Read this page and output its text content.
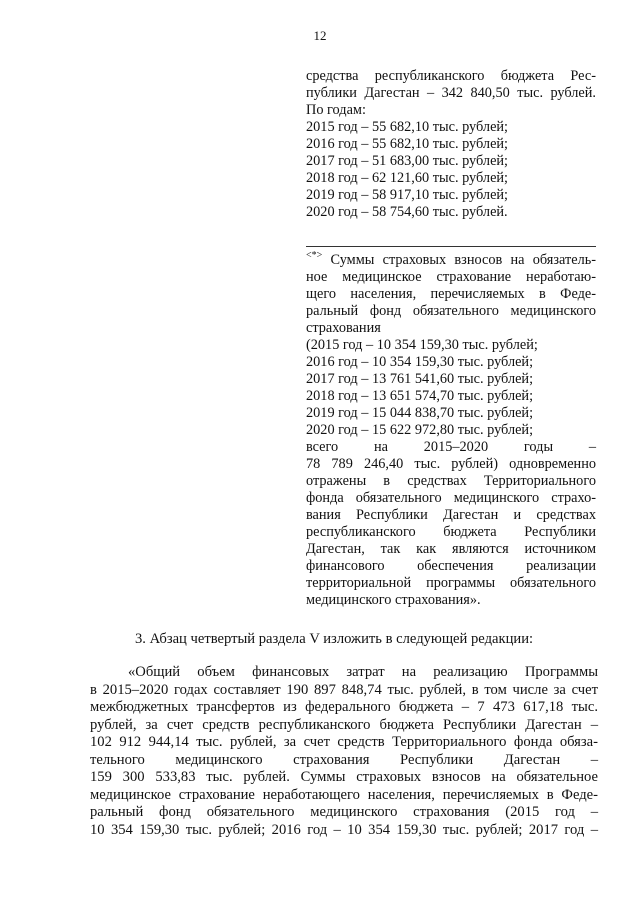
12
средства республиканского бюджета Рес-
публики Дагестан – 342 840,50 тыс. рублей.
По годам:
2015 год – 55 682,10 тыс. рублей;
2016 год – 55 682,10 тыс. рублей;
2017 год – 51 683,00 тыс. рублей;
2018 год – 62 121,60 тыс. рублей;
2019 год – 58 917,10 тыс. рублей;
2020 год – 58 754,60 тыс. рублей.
<*> Суммы страховых взносов на обязатель-
ное медицинское страхование неработаю-
щего населения, перечисляемых в Феде-
ральный фонд обязательного медицинского
страхования
(2015 год – 10 354 159,30 тыс. рублей;
2016 год – 10 354 159,30 тыс. рублей;
2017 год – 13 761 541,60 тыс. рублей;
2018 год – 13 651 574,70 тыс. рублей;
2019 год – 15 044 838,70 тыс. рублей;
2020 год – 15 622 972,80 тыс. рублей;
всего на 2015–2020 годы –
78 789 246,40 тыс. рублей) одновременно
отражены в средствах Территориального
фонда обязательного медицинского страхо-
вания Республики Дагестан и средствах
республиканского бюджета Республики
Дагестан, так как являются источником
финансового обеспечения реализации
территориальной программы обязательного
медицинского страхования».
3. Абзац четвертый раздела V изложить в следующей редакции:
«Общий объем финансовых затрат на реализацию Программы
в 2015–2020 годах составляет 190 897 848,74 тыс. рублей, в том числе за счет
межбюджетных трансфертов из федерального бюджета – 7 473 617,18 тыс.
рублей, за счет средств республиканского бюджета Республики Дагестан –
102 912 944,14 тыс. рублей, за счет средств Территориального фонда обяза-
тельного медицинского страхования Республики Дагестан –
159 300 533,83 тыс. рублей. Суммы страховых взносов на обязательное
медицинское страхование неработающего населения, перечисляемых в Феде-
ральный фонд обязательного медицинского страхования (2015 год –
10 354 159,30 тыс. рублей; 2016 год – 10 354 159,30 тыс. рублей; 2017 год –
